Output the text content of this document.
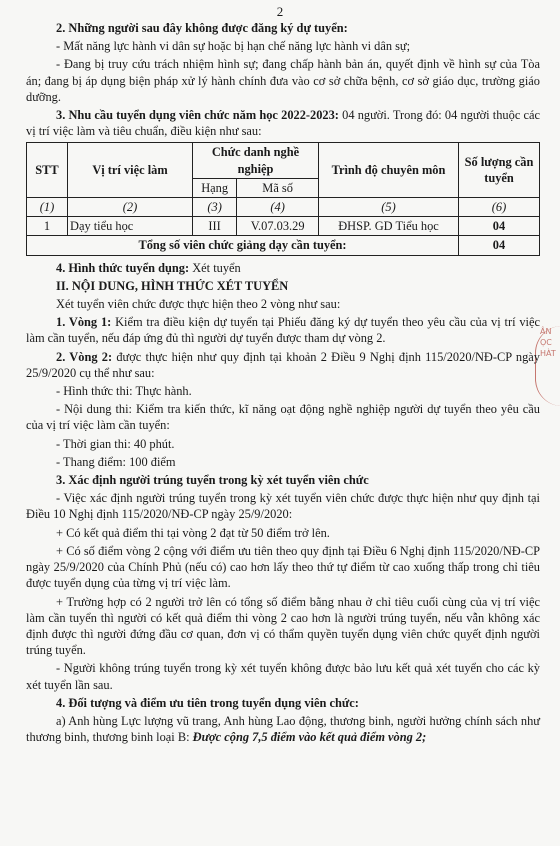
2
ÂN
ỌC
HÀT

2. Những người sau đây không được đăng ký dự tuyển:

- Mất năng lực hành vi dân sự hoặc bị hạn chế năng lực hành vi dân sự;

- Đang bị truy cứu trách nhiệm hình sự; đang chấp hành bản án, quyết định về hình sự của Tòa án; đang bị áp dụng biện pháp xử lý hành chính đưa vào cơ sở chữa bệnh, cơ sở giáo dục, trường giáo dưỡng.

3. Nhu cầu tuyển dụng viên chức năm học 2022-2023: 04 người. Trong đó: 04 người thuộc các vị trí việc làm và tiêu chuẩn, điều kiện như sau:

STT	Vị trí việc làm	Chức danh nghề nghiệp		Trình độ chuyên môn	Số lượng cần tuyển
		Hạng	Mã số		
(1)	(2)	(3)	(4)	(5)	(6)
1	Dạy tiểu học	III	V.07.03.29	ĐHSP. GD Tiểu học	04
Tổng số viên chức giảng dạy cần tuyển:					04

4. Hình thức tuyển dụng: Xét tuyển

II. NỘI DUNG, HÌNH THỨC XÉT TUYỂN

Xét tuyển viên chức được thực hiện theo 2 vòng như sau:

1. Vòng 1: Kiểm tra điều kiện dự tuyển tại Phiếu đăng ký dự tuyển theo yêu cầu của vị trí việc làm cần tuyển, nếu đáp ứng đủ thì người dự tuyển được tham dự vòng 2.

2. Vòng 2: được thực hiện như quy định tại khoản 2 Điều 9 Nghị định 115/2020/NĐ-CP ngày 25/9/2020 cụ thể như sau:

- Hình thức thi: Thực hành.

- Nội dung thi: Kiểm tra kiến thức, kĩ năng oạt động nghề nghiệp người dự tuyển theo yêu cầu của vị trí việc làm cần tuyển:

- Thời gian thi: 40 phút.

- Thang điểm: 100 điểm

3. Xác định người trúng tuyển trong kỳ xét tuyển viên chức

- Việc xác định người trúng tuyển trong kỳ xét tuyển viên chức được thực hiện như quy định tại Điều 10 Nghị định 115/2020/NĐ-CP ngày 25/9/2020:

+ Có kết quả điểm thi tại vòng 2 đạt từ 50 điểm trở lên.

+ Có số điểm vòng 2 cộng với điểm ưu tiên theo quy định tại Điều 6 Nghị định 115/2020/NĐ-CP ngày 25/9/2020 của Chính Phủ (nếu có) cao hơn lấy theo thứ tự điểm từ cao xuống thấp trong chỉ tiêu được tuyển dụng của từng vị trí việc làm.

+ Trường hợp có 2 người trở lên có tổng số điểm bằng nhau ở chỉ tiêu cuối cùng của vị trí việc làm cần tuyển thì người có kết quả điểm thi vòng 2 cao hơn là người trúng tuyển, nếu vẫn không xác định được thì người đứng đầu cơ quan, đơn vị có thẩm quyền tuyển dụng viên chức quyết định người trúng tuyển.

- Người không trúng tuyển trong kỳ xét tuyển không được bảo lưu kết quả xét tuyển cho các kỳ xét tuyển lần sau.

4. Đối tượng và điểm ưu tiên trong tuyển dụng viên chức:

a) Anh hùng Lực lượng vũ trang, Anh hùng Lao động, thương binh, người hưởng chính sách như thương binh, thương binh loại B: Được cộng 7,5 điểm vào kết quả điểm vòng 2;
